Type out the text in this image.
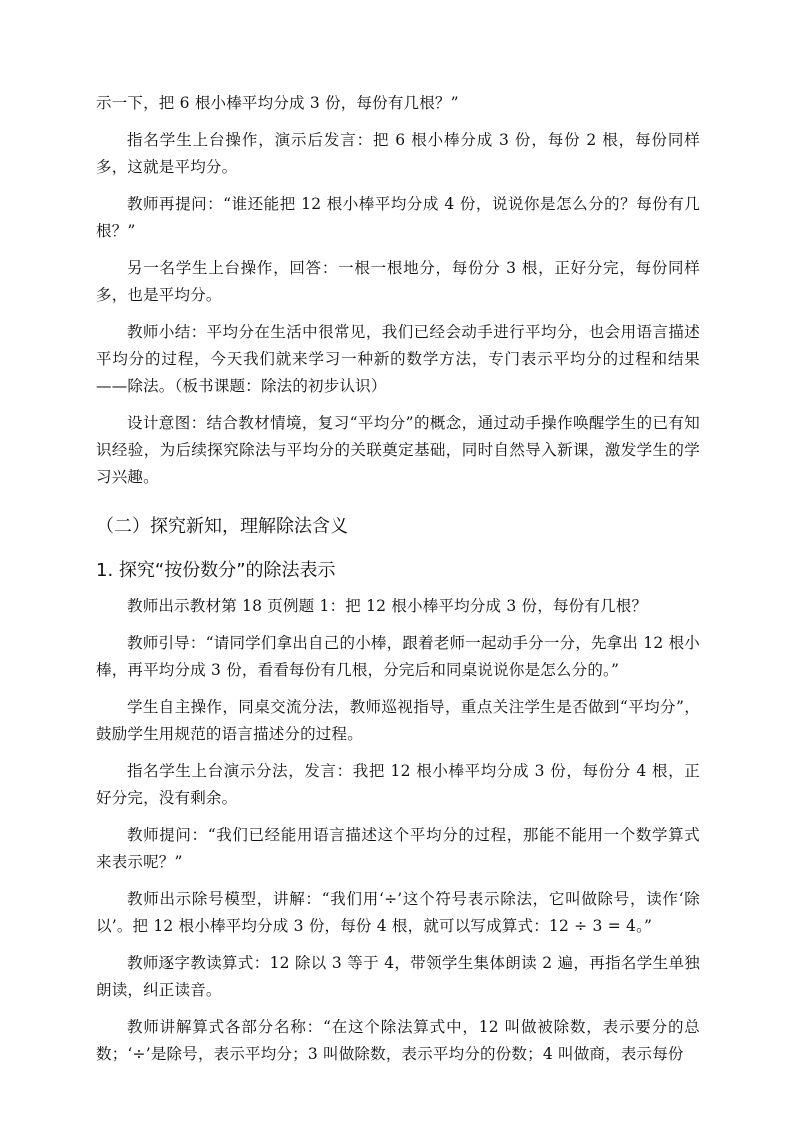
示一下，把 6 根小棒平均分成 3 份，每份有几根？”

指名学生上台操作，演示后发言：把 6 根小棒分成 3 份，每份 2 根，每份同样多，这就是平均分。

教师再提问：“谁还能把 12 根小棒平均分成 4 份，说说你是怎么分的？每份有几根？”

另一名学生上台操作，回答：一根一根地分，每份分 3 根，正好分完，每份同样多，也是平均分。

教师小结：平均分在生活中很常见，我们已经会动手进行平均分，也会用语言描述平均分的过程，今天我们就来学习一种新的数学方法，专门表示平均分的过程和结果——除法。（板书课题：除法的初步认识）

设计意图：结合教材情境，复习“平均分”的概念，通过动手操作唤醒学生的已有知识经验，为后续探究除法与平均分的关联奠定基础，同时自然导入新课，激发学生的学习兴趣。

（二）探究新知，理解除法含义
1. 探究“按份数分”的除法表示

教师出示教材第 18 页例题 1：把 12 根小棒平均分成 3 份，每份有几根？

教师引导：“请同学们拿出自己的小棒，跟着老师一起动手分一分，先拿出 12 根小棒，再平均分成 3 份，看看每份有几根，分完后和同桌说说你是怎么分的。”

学生自主操作，同桌交流分法，教师巡视指导，重点关注学生是否做到“平均分”，鼓励学生用规范的语言描述分的过程。

指名学生上台演示分法，发言：我把 12 根小棒平均分成 3 份，每份分 4 根，正好分完，没有剩余。

教师提问：“我们已经能用语言描述这个平均分的过程，那能不能用一个数学算式来表示呢？”

教师出示除号模型，讲解：“我们用‘÷’这个符号表示除法，它叫做除号，读作‘除以’。把 12 根小棒平均分成 3 份，每份 4 根，就可以写成算式：12 ÷ 3 = 4。”

教师逐字教读算式：12 除以 3 等于 4，带领学生集体朗读 2 遍，再指名学生单独朗读，纠正读音。

教师讲解算式各部分名称：“在这个除法算式中，12 叫做被除数，表示要分的总数；‘÷’是除号，表示平均分；3 叫做除数，表示平均分的份数；4 叫做商，表示每份
